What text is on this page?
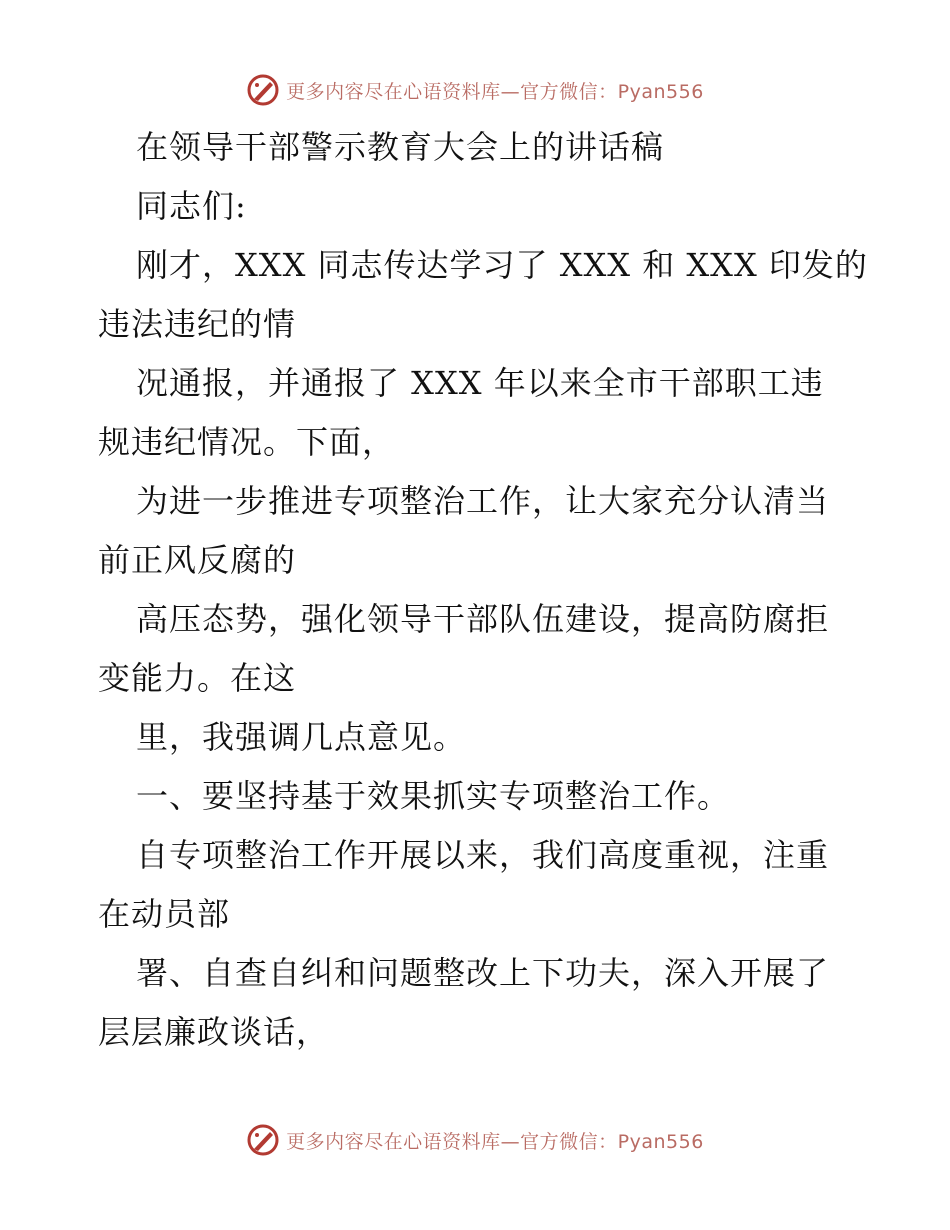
更多内容尽在心语资料库—官方微信：Pyan556
在领导干部警示教育大会上的讲话稿
同志们:
刚才，XXX 同志传达学习了 XXX 和 XXX 印发的
违法违纪的情
况通报，并通报了 XXX 年以来全市干部职工违
规违纪情况。下面，
为进一步推进专项整治工作，让大家充分认清当
前正风反腐的
高压态势，强化领导干部队伍建设，提高防腐拒
变能力。在这
里，我强调几点意见。
一、要坚持基于效果抓实专项整治工作。
自专项整治工作开展以来，我们高度重视，注重
在动员部
署、自查自纠和问题整改上下功夫，深入开展了
层层廉政谈话，
更多内容尽在心语资料库—官方微信：Pyan556
